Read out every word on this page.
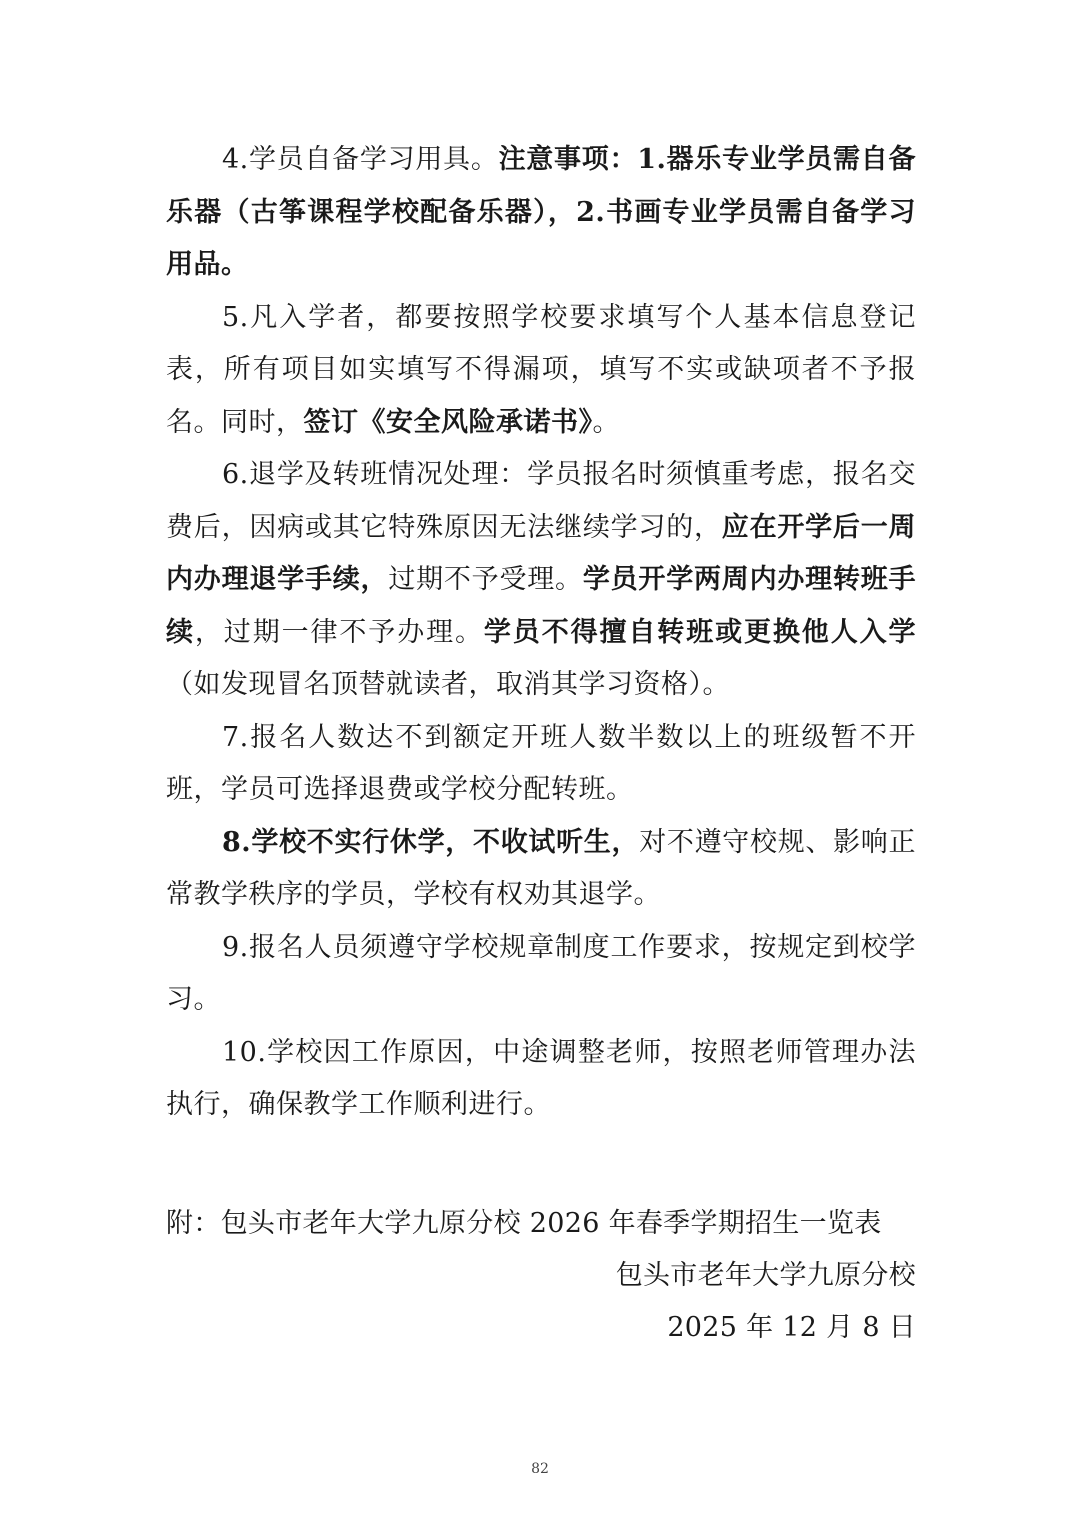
4.学员自备学习用具。注意事项：1.器乐专业学员需自备乐器（古筝课程学校配备乐器），2.书画专业学员需自备学习用品。

5.凡入学者，都要按照学校要求填写个人基本信息登记表，所有项目如实填写不得漏项，填写不实或缺项者不予报名。同时，签订《安全风险承诺书》。

6.退学及转班情况处理：学员报名时须慎重考虑，报名交费后，因病或其它特殊原因无法继续学习的，应在开学后一周内办理退学手续，过期不予受理。学员开学两周内办理转班手续，过期一律不予办理。学员不得擅自转班或更换他人入学（如发现冒名顶替就读者，取消其学习资格）。

7.报名人数达不到额定开班人数半数以上的班级暂不开班，学员可选择退费或学校分配转班。

8.学校不实行休学，不收试听生，对不遵守校规、影响正常教学秩序的学员，学校有权劝其退学。

9.报名人员须遵守学校规章制度工作要求，按规定到校学习。

10.学校因工作原因，中途调整老师，按照老师管理办法执行，确保教学工作顺利进行。

附：包头市老年大学九原分校 2026 年春季学期招生一览表

包头市老年大学九原分校

2025 年 12 月 8 日

82
